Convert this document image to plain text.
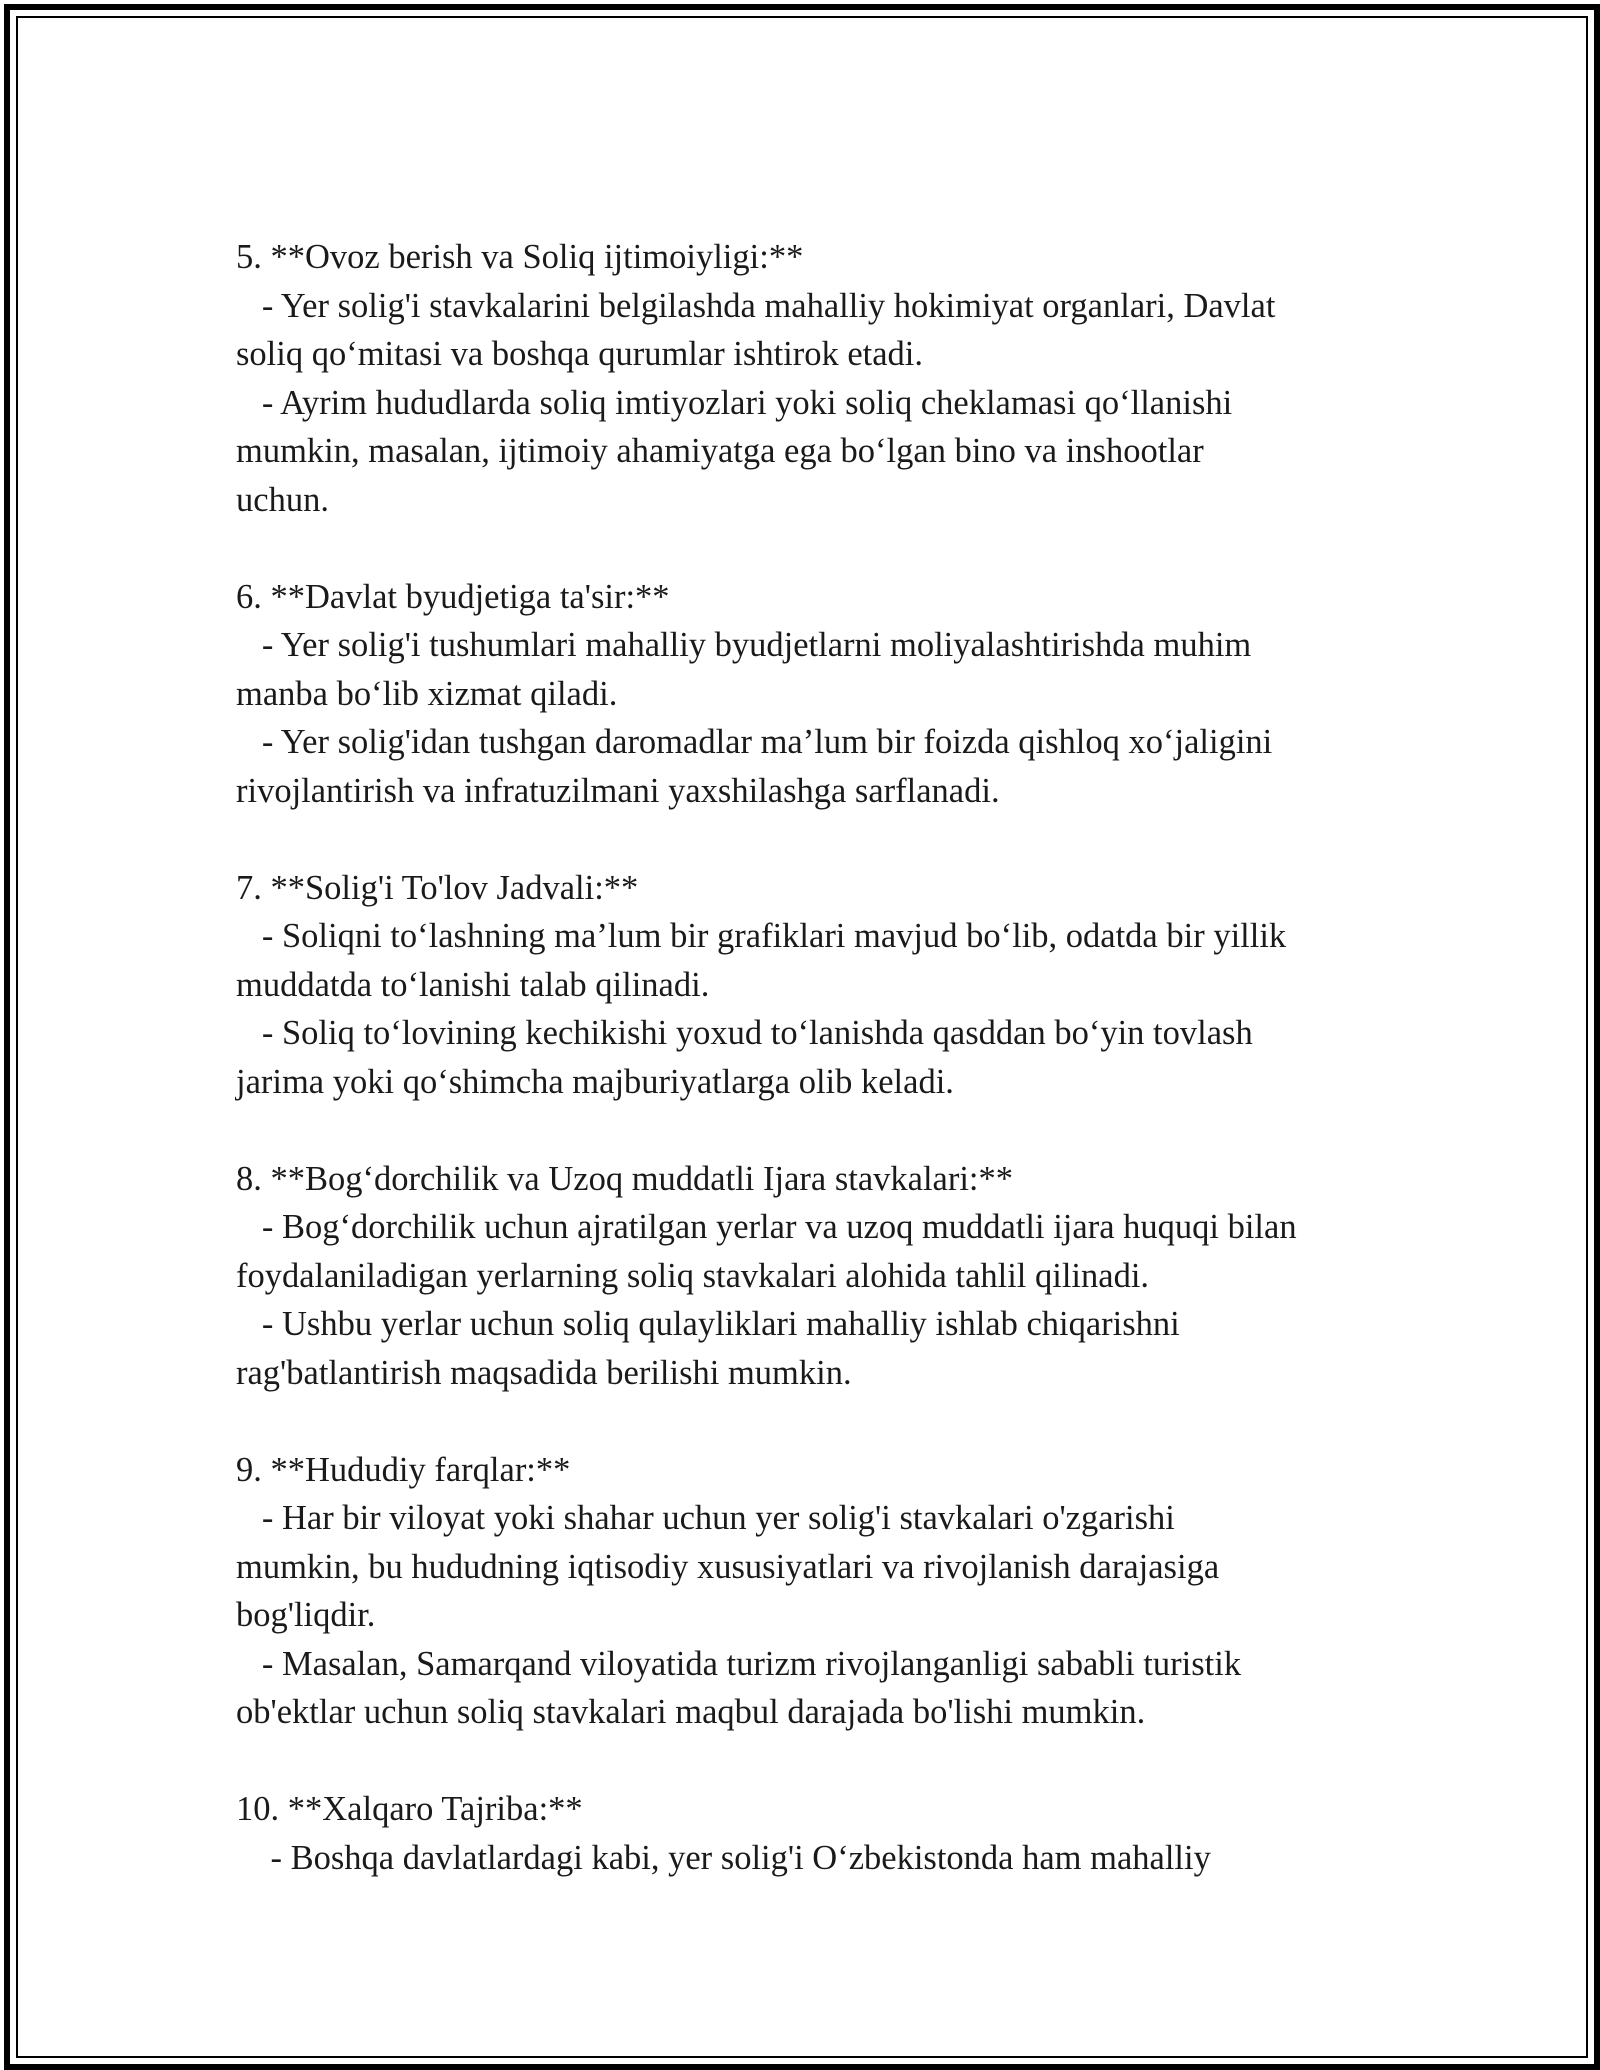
5. **Ovoz berish va Soliq ijtimoiyligi:**
- Yer solig'i stavkalarini belgilashda mahalliy hokimiyat organlari, Davlat
soliq qo‘mitasi va boshqa qurumlar ishtirok etadi.
- Ayrim hududlarda soliq imtiyozlari yoki soliq cheklamasi qo‘llanishi
mumkin, masalan, ijtimoiy ahamiyatga ega bo‘lgan bino va inshootlar
uchun.
6. **Davlat byudjetiga ta'sir:**
- Yer solig'i tushumlari mahalliy byudjetlarni moliyalashtirishda muhim
manba bo‘lib xizmat qiladi.
- Yer solig'idan tushgan daromadlar ma’lum bir foizda qishloq xo‘jaligini
rivojlantirish va infratuzilmani yaxshilashga sarflanadi.
7. **Solig'i To'lov Jadvali:**
- Soliqni to‘lashning ma’lum bir grafiklari mavjud bo‘lib, odatda bir yillik
muddatda to‘lanishi talab qilinadi.
- Soliq to‘lovining kechikishi yoxud to‘lanishda qasddan bo‘yin tovlash
jarima yoki qo‘shimcha majburiyatlarga olib keladi.
8. **Bog‘dorchilik va Uzoq muddatli Ijara stavkalari:**
- Bog‘dorchilik uchun ajratilgan yerlar va uzoq muddatli ijara huquqi bilan
foydalaniladigan yerlarning soliq stavkalari alohida tahlil qilinadi.
- Ushbu yerlar uchun soliq qulayliklari mahalliy ishlab chiqarishni
rag'batlantirish maqsadida berilishi mumkin.
9. **Hududiy farqlar:**
- Har bir viloyat yoki shahar uchun yer solig'i stavkalari o'zgarishi
mumkin, bu hududning iqtisodiy xususiyatlari va rivojlanish darajasiga
bog'liqdir.
- Masalan, Samarqand viloyatida turizm rivojlanganligi sababli turistik
ob'ektlar uchun soliq stavkalari maqbul darajada bo'lishi mumkin.
10. **Xalqaro Tajriba:**
- Boshqa davlatlardagi kabi, yer solig'i O‘zbekistonda ham mahalliy
